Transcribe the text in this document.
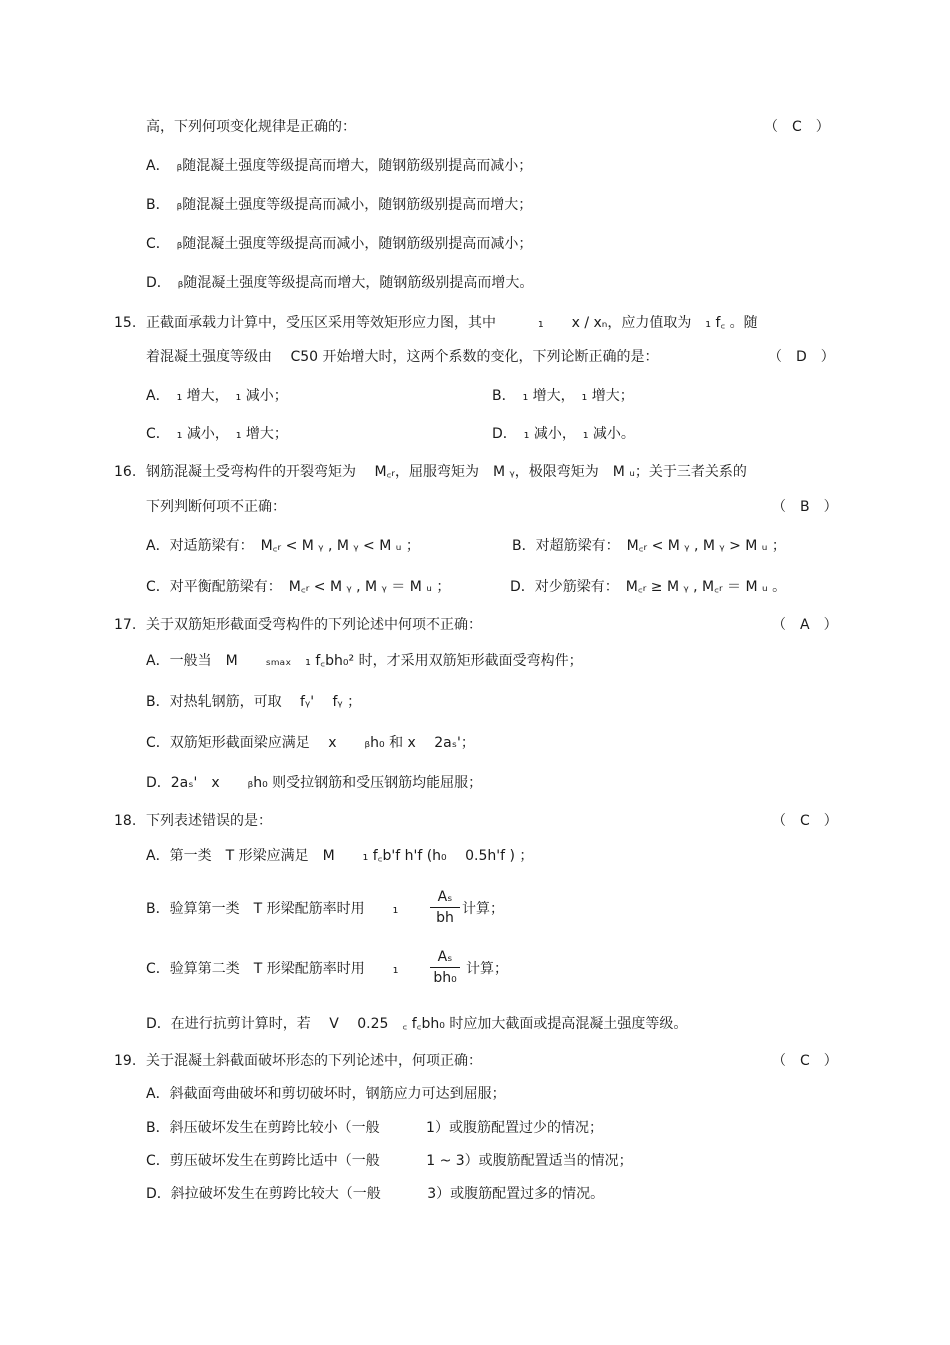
高，下列何项变化规律是正确的：	（　C　）
A．　ᵦ随混凝土强度等级提高而增大，随钢筋级别提高而减小；
B．　ᵦ随混凝土强度等级提高而减小，随钢筋级别提高而增大；
C．　ᵦ随混凝土强度等级提高而减小，随钢筋级别提高而减小；
D．　ᵦ随混凝土强度等级提高而增大，随钢筋级别提高而增大。
15. 正截面承载力计算中，受压区采用等效矩形应力图，其中　　　₁　　x / xₙ，应力值取为　₁ f꜀ 。随
着混凝土强度等级由　 C50 开始增大时，这两个系数的变化，下列论断正确的是：	（　D　）
A．　₁ 增大，　₁ 减小；	B．　₁ 增大，　₁ 增大；
C．　₁ 减小，　₁ 增大；	D．　₁ 减小，　₁ 减小。
16. 钢筋混凝土受弯构件的开裂弯矩为　 M꜀ᵣ，屈服弯矩为　M ᵧ，极限弯矩为　M ᵤ；关于三者关系的
下列判断何项不正确：	（　B　）
A．对适筋梁有：　M꜀ᵣ < M ᵧ , M ᵧ < M ᵤ ；	B．对超筋梁有：　M꜀ᵣ < M ᵧ , M ᵧ > M ᵤ ；
C．对平衡配筋梁有：　M꜀ᵣ < M ᵧ , M ᵧ ＝ M ᵤ ；	D．对少筋梁有：　M꜀ᵣ ≥ M ᵧ , M꜀ᵣ ＝ M ᵤ 。
17. 关于双筋矩形截面受弯构件的下列论述中何项不正确：	（　A　）
A．一般当　M　　ₛₘₐₓ　₁ f꜀bh₀² 时，才采用双筋矩形截面受弯构件；
B．对热轧钢筋，可取　 fᵧ'　 fᵧ ；
C．双筋矩形截面梁应满足　 x　　ᵦh₀ 和 x　 2aₛ'；
D．2aₛ'　x　　ᵦh₀ 则受拉钢筋和受压钢筋均能屈服；
18. 下列表述错误的是：	（　C　）
A．第一类　T 形梁应满足　M　　₁ f꜀b'f h'f (h₀　 0.5h'f ) ；
B．验算第一类　T 形梁配筋率时用　　₁
Aₛ
bh
计算；
C．验算第二类　T 形梁配筋率时用　　₁
Aₛ
bh₀
计算；
D．在进行抗剪计算时，若　 V　 0.25　꜀ f꜀bh₀ 时应加大截面或提高混凝土强度等级。
19. 关于混凝土斜截面破坏形态的下列论述中，何项正确：	（　C　）
A．斜截面弯曲破坏和剪切破坏时，钢筋应力可达到屈服；
B．斜压破坏发生在剪跨比较小（一般　　　 1）或腹筋配置过少的情况；
C．剪压破坏发生在剪跨比适中（一般　　　 1 ~ 3）或腹筋配置适当的情况；
D．斜拉破坏发生在剪跨比较大（一般　　　 3）或腹筋配置过多的情况。
